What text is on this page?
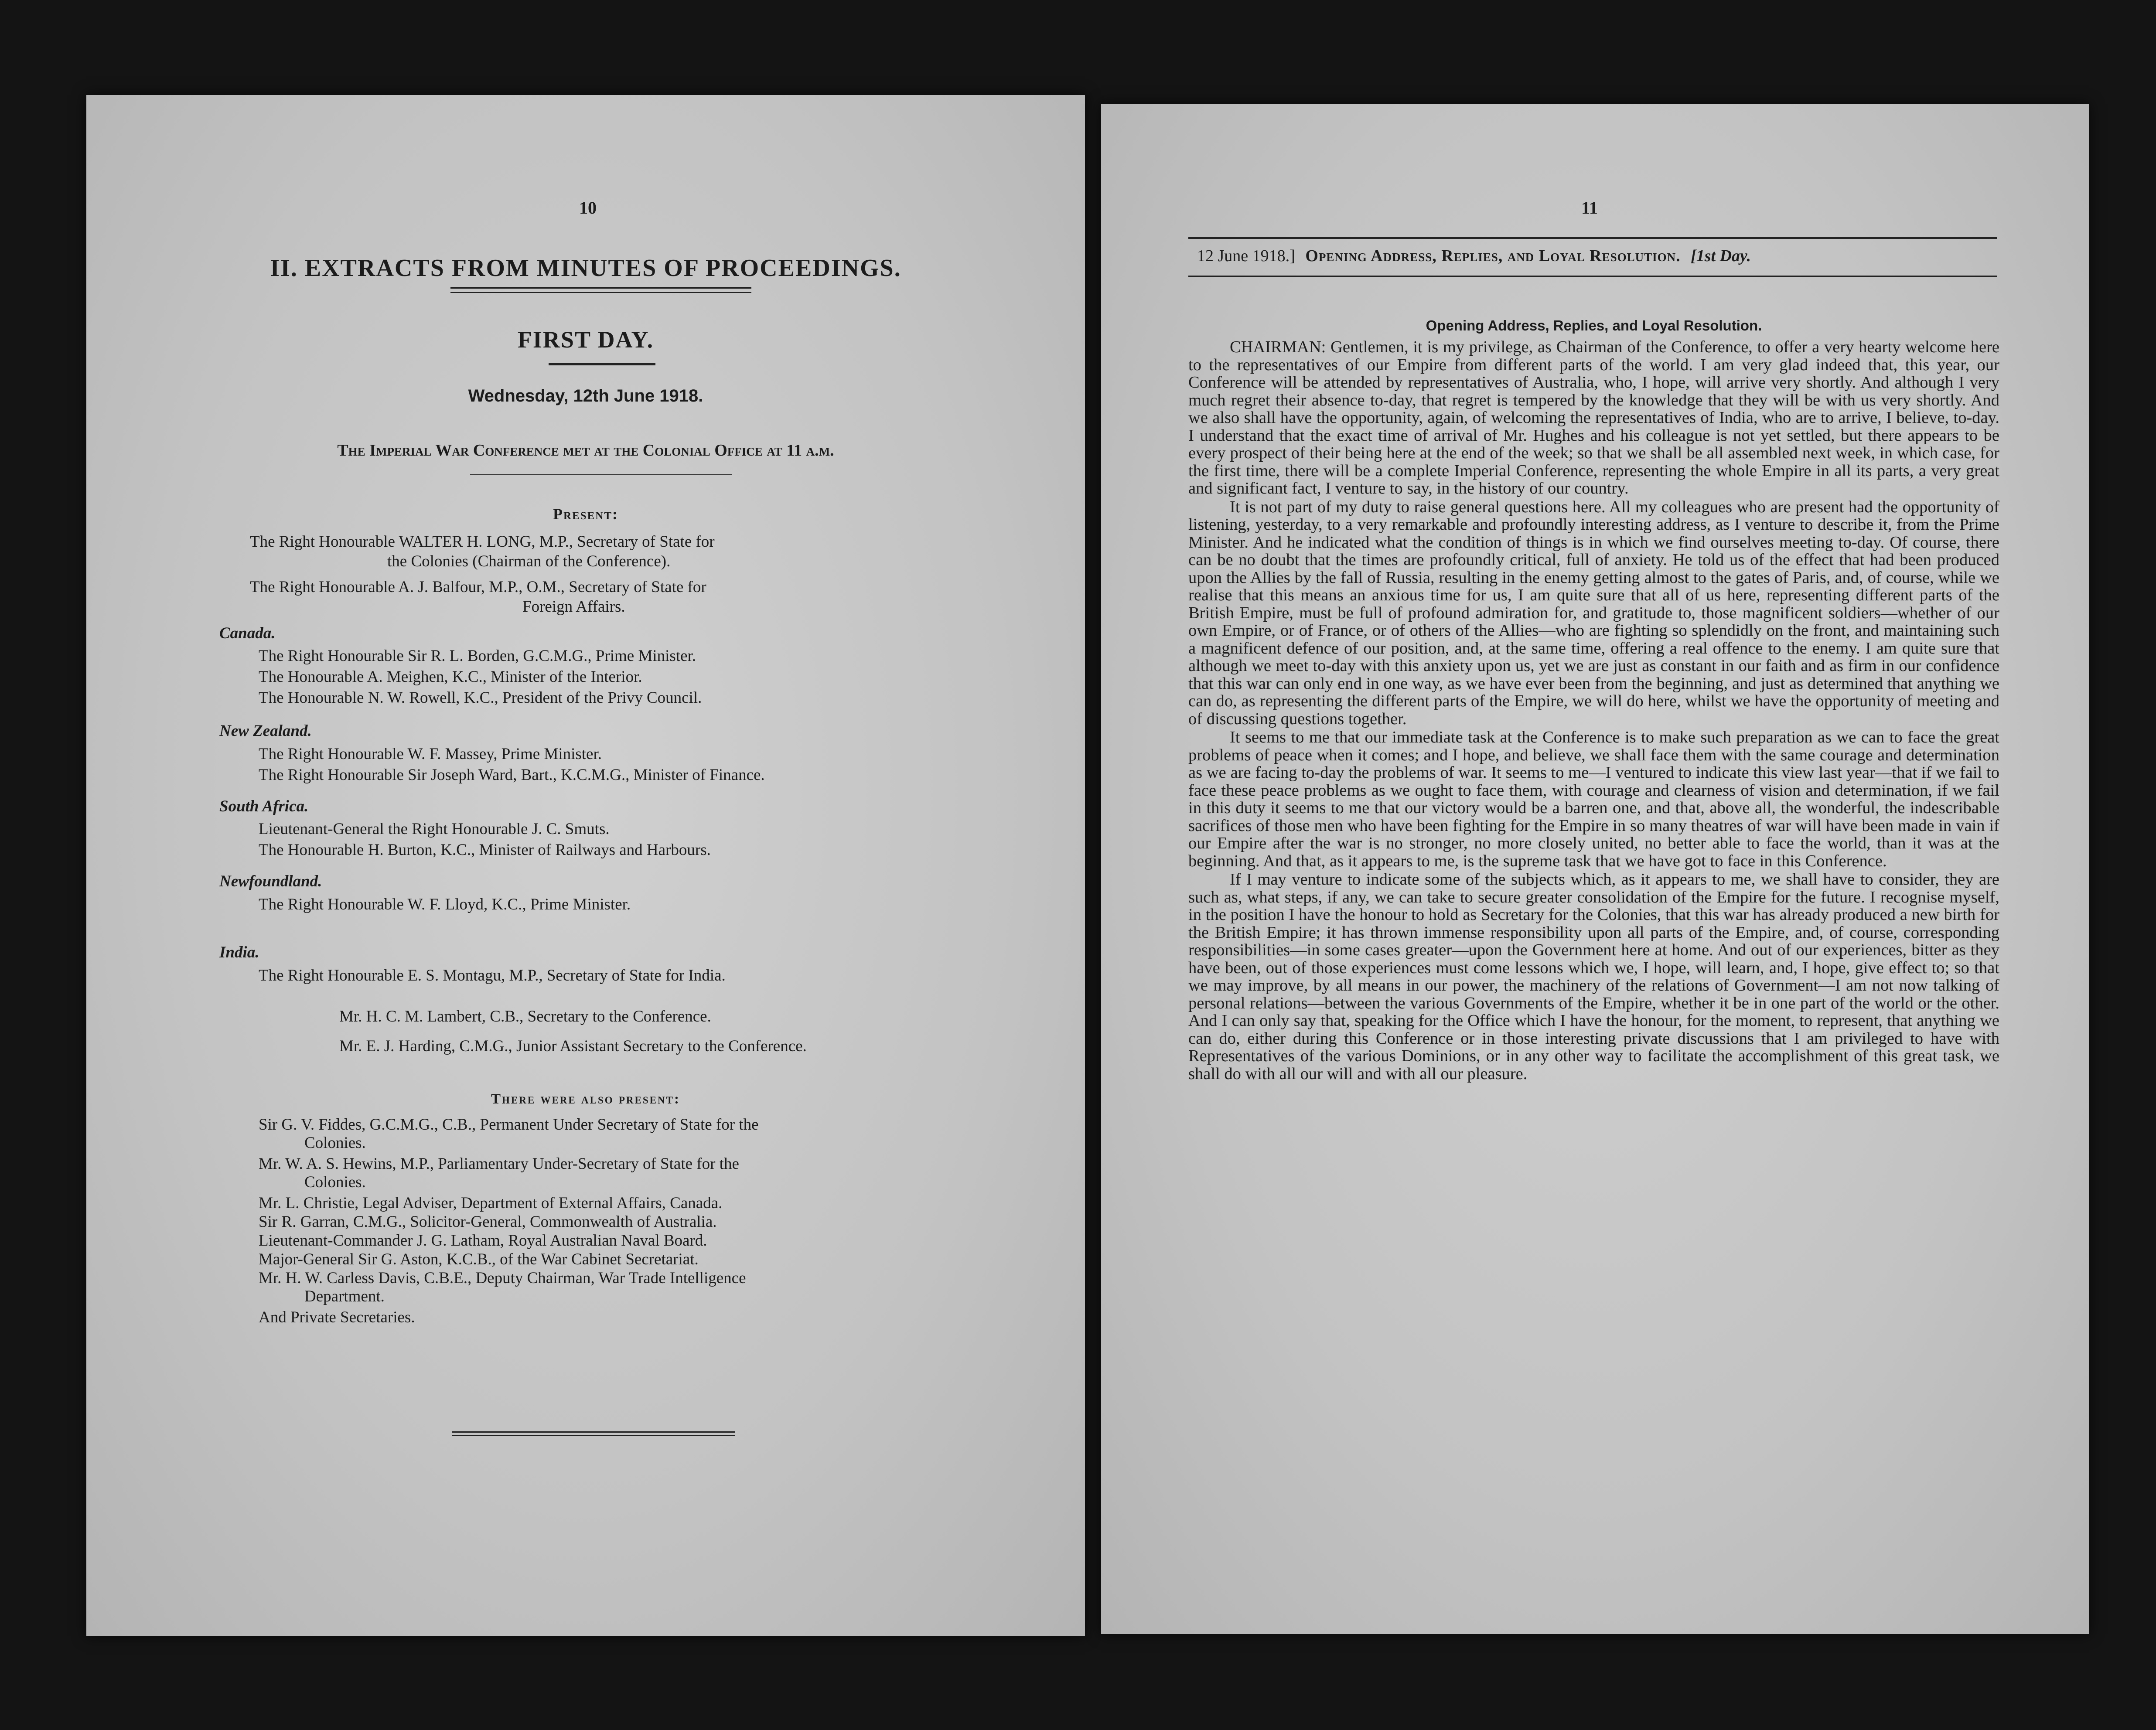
10
II. EXTRACTS FROM MINUTES OF PROCEEDINGS.
FIRST DAY.
Wednesday, 12th June 1918.
The Imperial War Conference met at the Colonial Office at 11 a.m.
Present:
The Right Honourable WALTER H. LONG, M.P., Secretary of State for
the Colonies (Chairman of the Conference).
The Right Honourable A. J. Balfour, M.P., O.M., Secretary of State for
Foreign Affairs.
Canada.
The Right Honourable Sir R. L. Borden, G.C.M.G., Prime Minister.
The Honourable A. Meighen, K.C., Minister of the Interior.
The Honourable N. W. Rowell, K.C., President of the Privy Council.
New Zealand.
The Right Honourable W. F. Massey, Prime Minister.
The Right Honourable Sir Joseph Ward, Bart., K.C.M.G., Minister of Finance.
South Africa.
Lieutenant-General the Right Honourable J. C. Smuts.
The Honourable H. Burton, K.C., Minister of Railways and Harbours.
Newfoundland.
The Right Honourable W. F. Lloyd, K.C., Prime Minister.
India.
The Right Honourable E. S. Montagu, M.P., Secretary of State for India.
Mr. H. C. M. Lambert, C.B., Secretary to the Conference.
Mr. E. J. Harding, C.M.G., Junior Assistant Secretary to the Conference.
There were also present:
Sir G. V. Fiddes, G.C.M.G., C.B., Permanent Under Secretary of State for the
Colonies.
Mr. W. A. S. Hewins, M.P., Parliamentary Under-Secretary of State for the
Colonies.
Mr. L. Christie, Legal Adviser, Department of External Affairs, Canada.
Sir R. Garran, C.M.G., Solicitor-General, Commonwealth of Australia.
Lieutenant-Commander J. G. Latham, Royal Australian Naval Board.
Major-General Sir G. Aston, K.C.B., of the War Cabinet Secretariat.
Mr. H. W. Carless Davis, C.B.E., Deputy Chairman, War Trade Intelligence
Department.
And Private Secretaries.
11
12 June 1918.] Opening Address, Replies, and Loyal Resolution. [1st Day.
Opening Address, Replies, and Loyal Resolution.

CHAIRMAN: Gentlemen, it is my privilege, as Chairman of the Conference, to offer a very hearty welcome here to the representatives of our Empire from different parts of the world. I am very glad indeed that, this year, our Conference will be attended by representatives of Australia, who, I hope, will arrive very shortly. And although I very much regret their absence to-day, that regret is tempered by the knowledge that they will be with us very shortly. And we also shall have the opportunity, again, of welcoming the representatives of India, who are to arrive, I believe, to-day. I understand that the exact time of arrival of Mr. Hughes and his colleague is not yet settled, but there appears to be every prospect of their being here at the end of the week; so that we shall be all assembled next week, in which case, for the first time, there will be a complete Imperial Conference, representing the whole Empire in all its parts, a very great and significant fact, I venture to say, in the history of our country.

It is not part of my duty to raise general questions here. All my colleagues who are present had the opportunity of listening, yesterday, to a very remarkable and profoundly interesting address, as I venture to describe it, from the Prime Minister. And he indicated what the condition of things is in which we find ourselves meeting to-day. Of course, there can be no doubt that the times are profoundly critical, full of anxiety. He told us of the effect that had been produced upon the Allies by the fall of Russia, resulting in the enemy getting almost to the gates of Paris, and, of course, while we realise that this means an anxious time for us, I am quite sure that all of us here, representing different parts of the British Empire, must be full of profound admiration for, and gratitude to, those magnificent soldiers—whether of our own Empire, or of France, or of others of the Allies—who are fighting so splendidly on the front, and maintaining such a magnificent defence of our position, and, at the same time, offering a real offence to the enemy. I am quite sure that although we meet to-day with this anxiety upon us, yet we are just as constant in our faith and as firm in our confidence that this war can only end in one way, as we have ever been from the beginning, and just as determined that anything we can do, as representing the different parts of the Empire, we will do here, whilst we have the opportunity of meeting and of discussing questions together.

It seems to me that our immediate task at the Conference is to make such preparation as we can to face the great problems of peace when it comes; and I hope, and believe, we shall face them with the same courage and determination as we are facing to-day the problems of war. It seems to me—I ventured to indicate this view last year—that if we fail to face these peace problems as we ought to face them, with courage and clearness of vision and determination, if we fail in this duty it seems to me that our victory would be a barren one, and that, above all, the wonderful, the indescribable sacrifices of those men who have been fighting for the Empire in so many theatres of war will have been made in vain if our Empire after the war is no stronger, no more closely united, no better able to face the world, than it was at the beginning. And that, as it appears to me, is the supreme task that we have got to face in this Conference.

If I may venture to indicate some of the subjects which, as it appears to me, we shall have to consider, they are such as, what steps, if any, we can take to secure greater consolidation of the Empire for the future. I recognise myself, in the position I have the honour to hold as Secretary for the Colonies, that this war has already produced a new birth for the British Empire; it has thrown immense responsibility upon all parts of the Empire, and, of course, corresponding responsibilities—in some cases greater—upon the Government here at home. And out of our experiences, bitter as they have been, out of those experiences must come lessons which we, I hope, will learn, and, I hope, give effect to; so that we may improve, by all means in our power, the machinery of the relations of Government—I am not now talking of personal relations—between the various Governments of the Empire, whether it be in one part of the world or the other. And I can only say that, speaking for the Office which I have the honour, for the moment, to represent, that anything we can do, either during this Conference or in those interesting private discussions that I am privileged to have with Representatives of the various Dominions, or in any other way to facilitate the accomplishment of this great task, we shall do with all our will and with all our pleasure.
